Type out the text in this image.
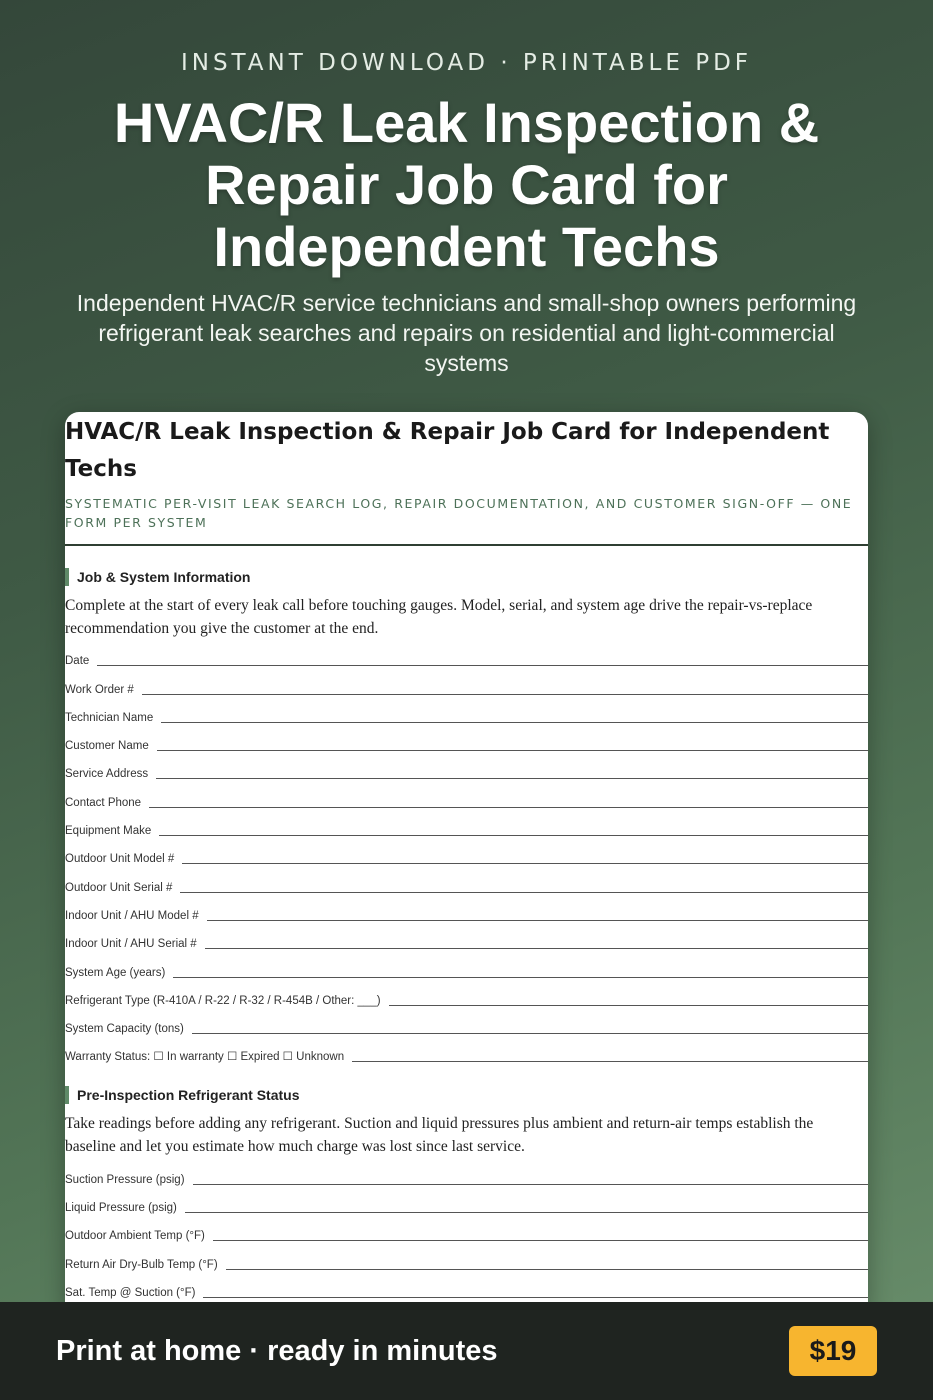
INSTANT DOWNLOAD · PRINTABLE PDF
HVAC/R Leak Inspection & Repair Job Card for Independent Techs
Independent HVAC/R service technicians and small-shop owners performing refrigerant leak searches and repairs on residential and light-commercial systems
HVAC/R Leak Inspection & Repair Job Card for Independent Techs
SYSTEMATIC PER-VISIT LEAK SEARCH LOG, REPAIR DOCUMENTATION, AND CUSTOMER SIGN-OFF — ONE FORM PER SYSTEM
Job & System Information
Complete at the start of every leak call before touching gauges. Model, serial, and system age drive the repair-vs-replace recommendation you give the customer at the end.
Date
Work Order #
Technician Name
Customer Name
Service Address
Contact Phone
Equipment Make
Outdoor Unit Model #
Outdoor Unit Serial #
Indoor Unit / AHU Model #
Indoor Unit / AHU Serial #
System Age (years)
Refrigerant Type (R-410A / R-22 / R-32 / R-454B / Other: ___)
System Capacity (tons)
Warranty Status: ☐ In warranty ☐ Expired ☐ Unknown
Pre-Inspection Refrigerant Status
Take readings before adding any refrigerant. Suction and liquid pressures plus ambient and return-air temps establish the baseline and let you estimate how much charge was lost since last service.
Suction Pressure (psig)
Liquid Pressure (psig)
Outdoor Ambient Temp (°F)
Return Air Dry-Bulb Temp (°F)
Sat. Temp @ Suction (°F)
Print at home · ready in minutes	$19
